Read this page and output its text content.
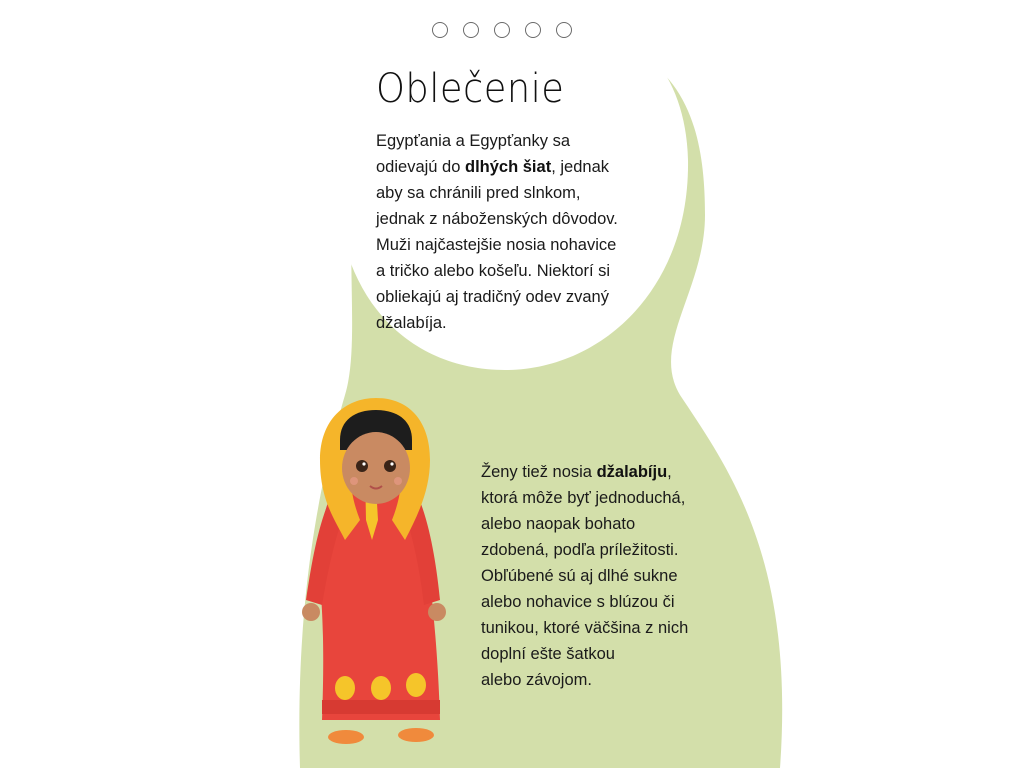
Oblečenie

Egypťania a Egypťanky sa
odievajú do dlhých šiat, jednak
aby sa chránili pred slnkom,
jednak z náboženských dôvodov.
Muži najčastejšie nosia nohavice
a tričko alebo košeľu. Niektorí si
obliekajú aj tradičný odev zvaný
džalabíja.

Ženy tiež nosia džalabíju,
ktorá môže byť jednoduchá,
alebo naopak bohato
zdobená, podľa príležitosti.
Obľúbené sú aj dlhé sukne
alebo nohavice s blúzou či
tunikou, ktoré väčšina z nich
doplní ešte šatkou
alebo závojom.
